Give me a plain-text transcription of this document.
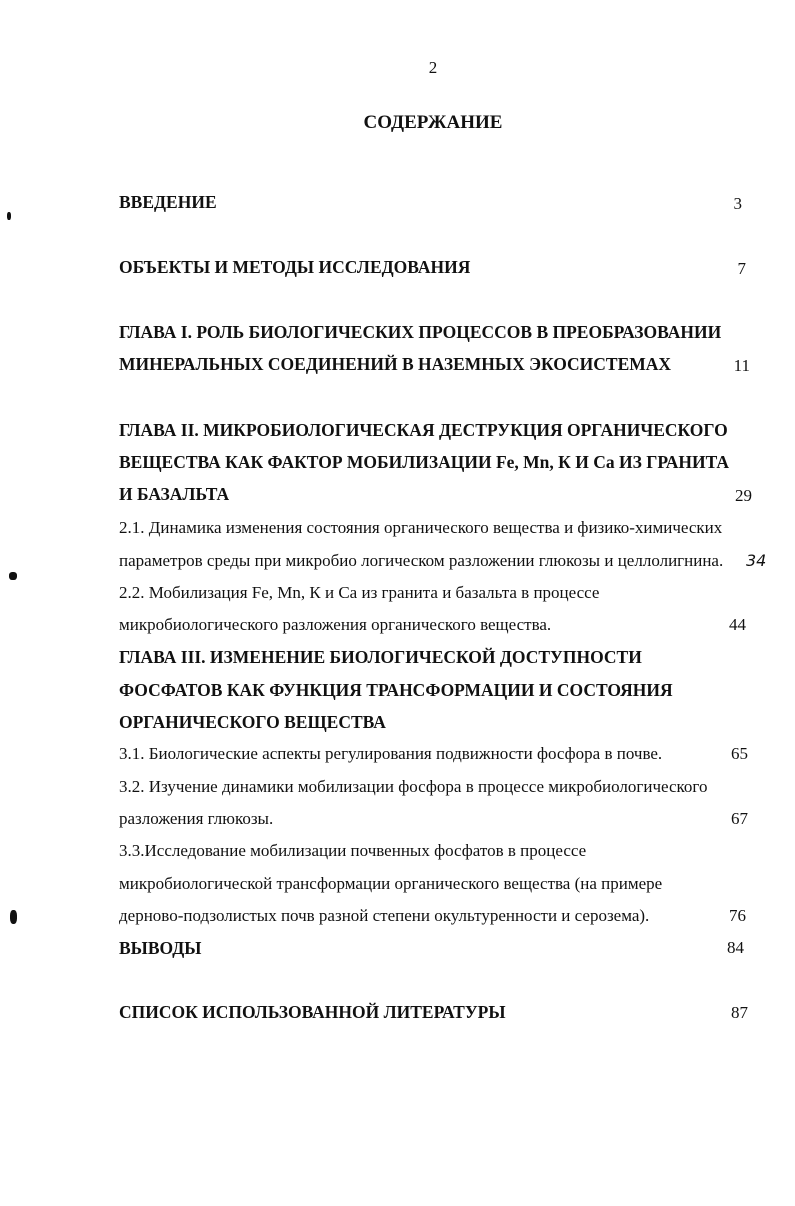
2
СОДЕРЖАНИЕ
ВВЕДЕНИЕ	3
ОБЪЕКТЫ И МЕТОДЫ ИССЛЕДОВАНИЯ	7
ГЛАВА I. РОЛЬ БИОЛОГИЧЕСКИХ ПРОЦЕССОВ В ПРЕОБРАЗОВАНИИ
МИНЕРАЛЬНЫХ СОЕДИНЕНИЙ В НАЗЕМНЫХ ЭКОСИСТЕМАХ	11
ГЛАВА II. МИКРОБИОЛОГИЧЕСКАЯ ДЕСТРУКЦИЯ ОРГАНИЧЕСКОГО
ВЕЩЕСТВА КАК ФАКТОР МОБИЛИЗАЦИИ Fe, Mn, К И Са ИЗ ГРАНИТА
И БАЗАЛЬТА	29
2.1. Динамика изменения состояния органического вещества и физико-химических
параметров среды при микробио логическом разложении глюкозы и целлолигнина. 34
2.2. Мобилизация Fe, Mn, К и Са из гранита и базальта в процессе
микробиологического разложения органического вещества.	44
ГЛАВА III. ИЗМЕНЕНИЕ БИОЛОГИЧЕСКОЙ ДОСТУПНОСТИ
ФОСФАТОВ КАК ФУНКЦИЯ ТРАНСФОРМАЦИИ И СОСТОЯНИЯ
ОРГАНИЧЕСКОГО ВЕЩЕСТВА
3.1. Биологические аспекты регулирования подвижности фосфора в почве.	65
3.2. Изучение динамики мобилизации фосфора в процессе микробиологического
разложения глюкозы.	67
3.3.Исследование мобилизации почвенных фосфатов в процессе
микробиологической трансформации органического вещества (на примере
дерново-подзолистых почв разной степени окультуренности и серозема).	76
ВЫВОДЫ	84
СПИСОК ИСПОЛЬЗОВАННОЙ ЛИТЕРАТУРЫ	87
